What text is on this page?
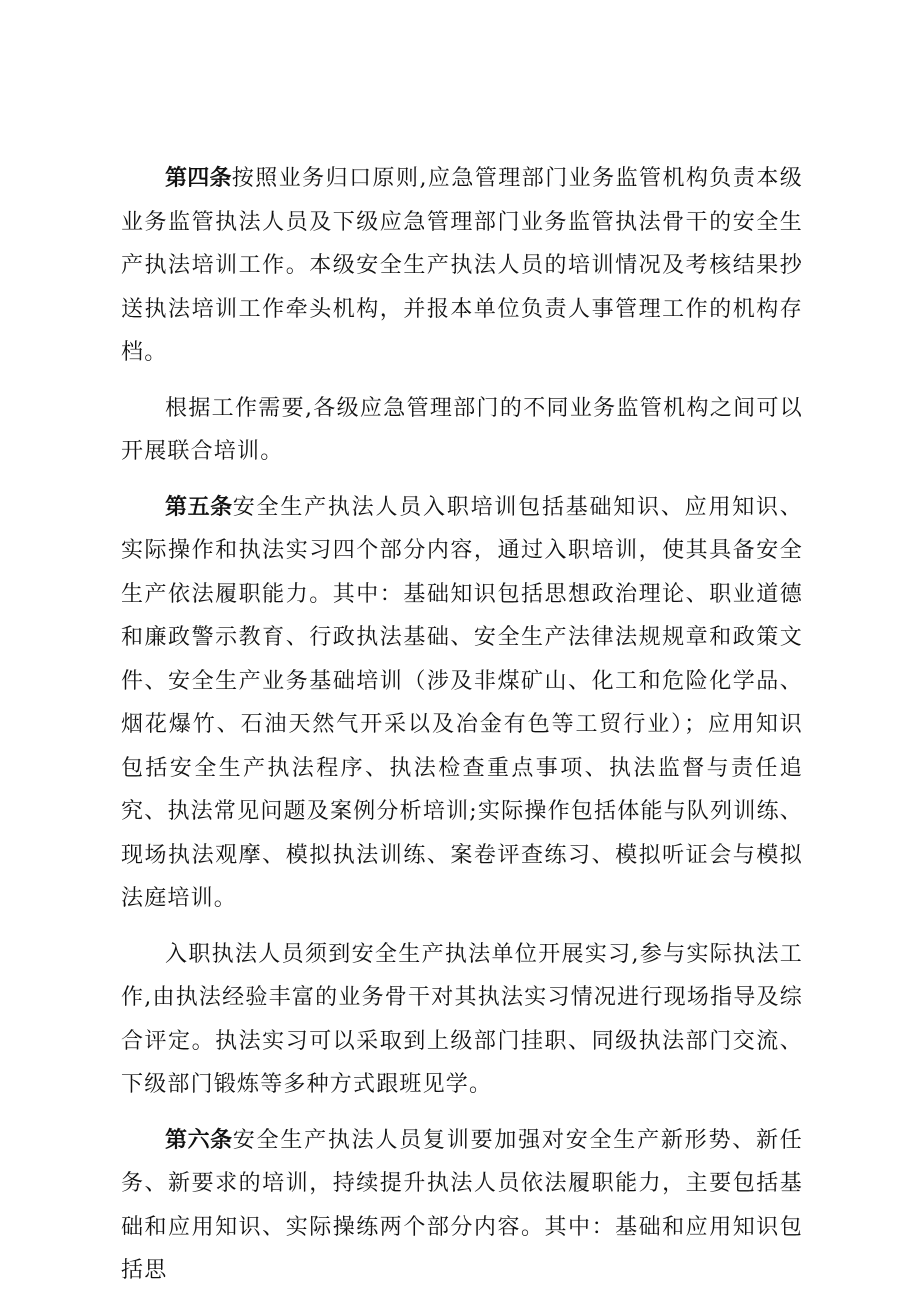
第四条按照业务归口原则,应急管理部门业务监管机构负责本级业务监管执法人员及下级应急管理部门业务监管执法骨干的安全生产执法培训工作。本级安全生产执法人员的培训情况及考核结果抄送执法培训工作牵头机构，并报本单位负责人事管理工作的机构存档。

根据工作需要,各级应急管理部门的不同业务监管机构之间可以开展联合培训。

第五条安全生产执法人员入职培训包括基础知识、应用知识、实际操作和执法实习四个部分内容，通过入职培训，使其具备安全生产依法履职能力。其中：基础知识包括思想政治理论、职业道德和廉政警示教育、行政执法基础、安全生产法律法规规章和政策文件、安全生产业务基础培训（涉及非煤矿山、化工和危险化学品、烟花爆竹、石油天然气开采以及冶金有色等工贸行业）；应用知识包括安全生产执法程序、执法检查重点事项、执法监督与责任追究、执法常见问题及案例分析培训;实际操作包括体能与队列训练、现场执法观摩、模拟执法训练、案卷评查练习、模拟听证会与模拟法庭培训。

入职执法人员须到安全生产执法单位开展实习,参与实际执法工作,由执法经验丰富的业务骨干对其执法实习情况进行现场指导及综合评定。执法实习可以采取到上级部门挂职、同级执法部门交流、下级部门锻炼等多种方式跟班见学。

第六条安全生产执法人员复训要加强对安全生产新形势、新任务、新要求的培训，持续提升执法人员依法履职能力，主要包括基础和应用知识、实际操练两个部分内容。其中：基础和应用知识包括思
